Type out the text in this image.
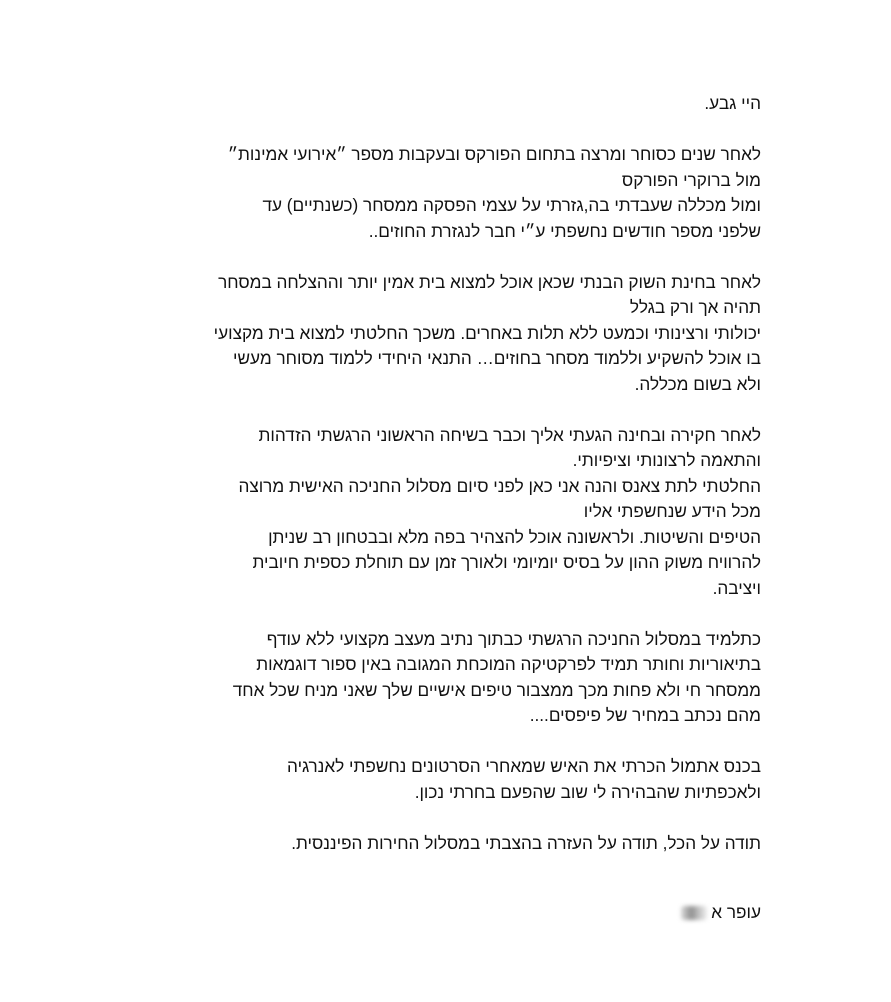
היי גבע.
לאחר שנים כסוחר ומרצה בתחום הפורקס ובעקבות מספר ״אירועי אמינות״
מול ברוקרי הפורקס
ומול מכללה שעבדתי בה,גזרתי על עצמי הפסקה ממסחר (כשנתיים) עד
שלפני מספר חודשים נחשפתי ע״י חבר לנגזרת החוזים..
לאחר בחינת השוק הבנתי שכאן אוכל למצוא בית אמין יותר וההצלחה במסחר
תהיה אך ורק בגלל
יכולותי ורצינותי וכמעט ללא תלות באחרים. משכך החלטתי למצוא בית מקצועי
בו אוכל להשקיע וללמוד מסחר בחוזים… התנאי היחידי ללמוד מסוחר מעשי
ולא בשום מכללה.
לאחר חקירה ובחינה הגעתי אליך וכבר בשיחה הראשוני הרגשתי הזדהות
והתאמה לרצונותי וציפיותי.
החלטתי לתת צאנס והנה אני כאן לפני סיום מסלול החניכה האישית מרוצה
מכל הידע שנחשפתי אליו
הטיפים והשיטות. ולראשונה אוכל להצהיר בפה מלא ובבטחון רב שניתן
להרוויח משוק ההון על בסיס יומיומי ולאורך זמן עם תוחלת כספית חיובית
ויציבה.
כתלמיד במסלול החניכה הרגשתי כבתוך נתיב מעצב מקצועי ללא עודף
בתיאוריות וחותר תמיד לפרקטיקה המוכחת המגובה באין ספור דוגמאות
ממסחר חי ולא פחות מכך ממצבור טיפים אישיים שלך שאני מניח שכל אחד
מהם נכתב במחיר של פיפסים....
בכנס אתמול הכרתי את האיש שמאחרי הסרטונים נחשפתי לאנרגיה
ולאכפתיות שהבהירה לי שוב שהפעם בחרתי נכון.
תודה על הכל, תודה על העזרה בהצבתי במסלול החירות הפיננסית.
עופר א
